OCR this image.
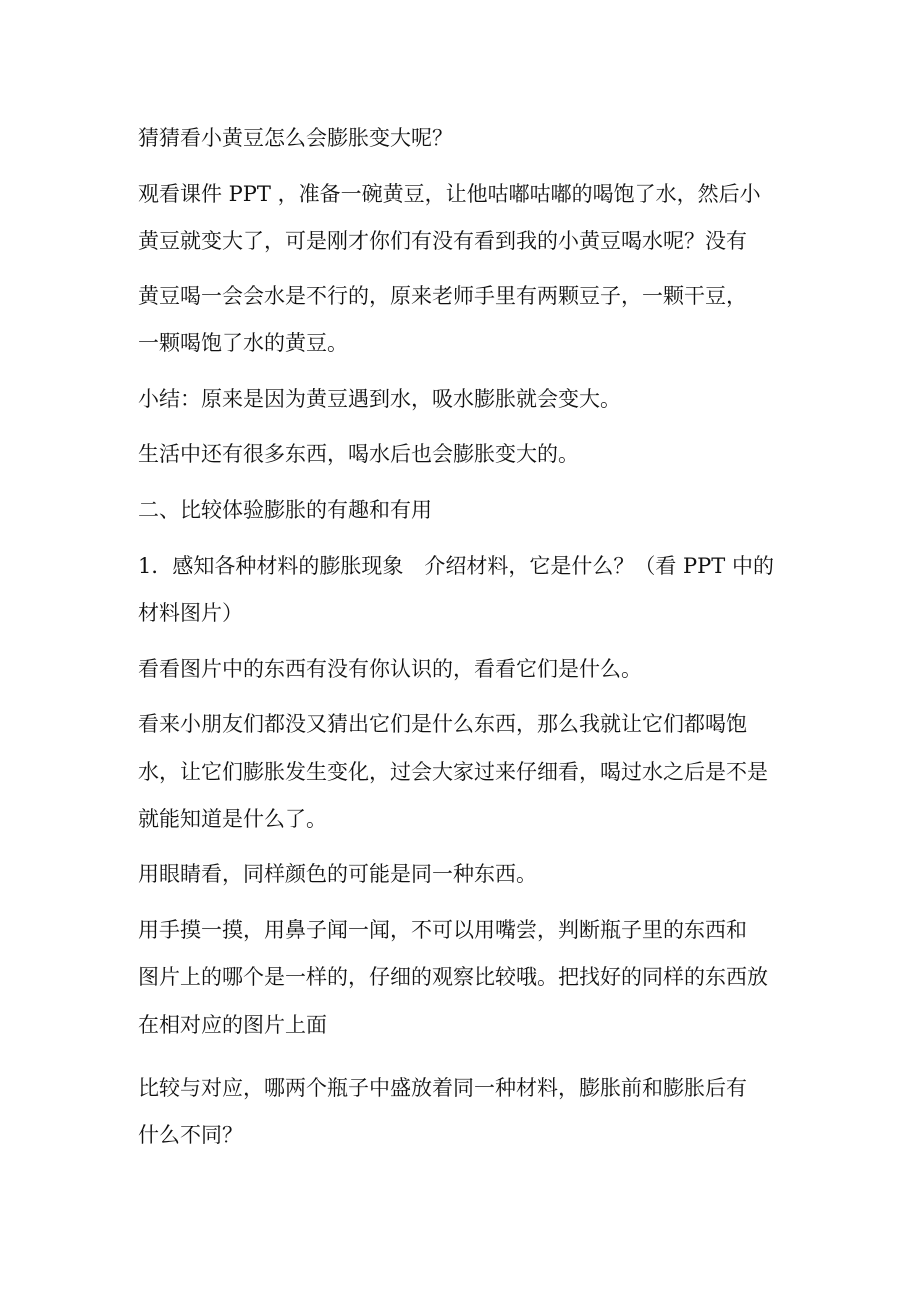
猜猜看小黄豆怎么会膨胀变大呢？
观看课件 PPT ，准备一碗黄豆，让他咕嘟咕嘟的喝饱了水，然后小
黄豆就变大了，可是刚才你们有没有看到我的小黄豆喝水呢？没有
黄豆喝一会会水是不行的，原来老师手里有两颗豆子，一颗干豆，
一颗喝饱了水的黄豆。
小结：原来是因为黄豆遇到水，吸水膨胀就会变大。
生活中还有很多东西，喝水后也会膨胀变大的。
二、比较体验膨胀的有趣和有用
1．感知各种材料的膨胀现象　介绍材料，它是什么？（看 PPT 中的
材料图片）
看看图片中的东西有没有你认识的，看看它们是什么。
看来小朋友们都没又猜出它们是什么东西，那么我就让它们都喝饱
水，让它们膨胀发生变化，过会大家过来仔细看，喝过水之后是不是
就能知道是什么了。
用眼睛看，同样颜色的可能是同一种东西。
用手摸一摸，用鼻子闻一闻，不可以用嘴尝，判断瓶子里的东西和
图片上的哪个是一样的，仔细的观察比较哦。把找好的同样的东西放
在相对应的图片上面
比较与对应，哪两个瓶子中盛放着同一种材料，膨胀前和膨胀后有
什么不同？
